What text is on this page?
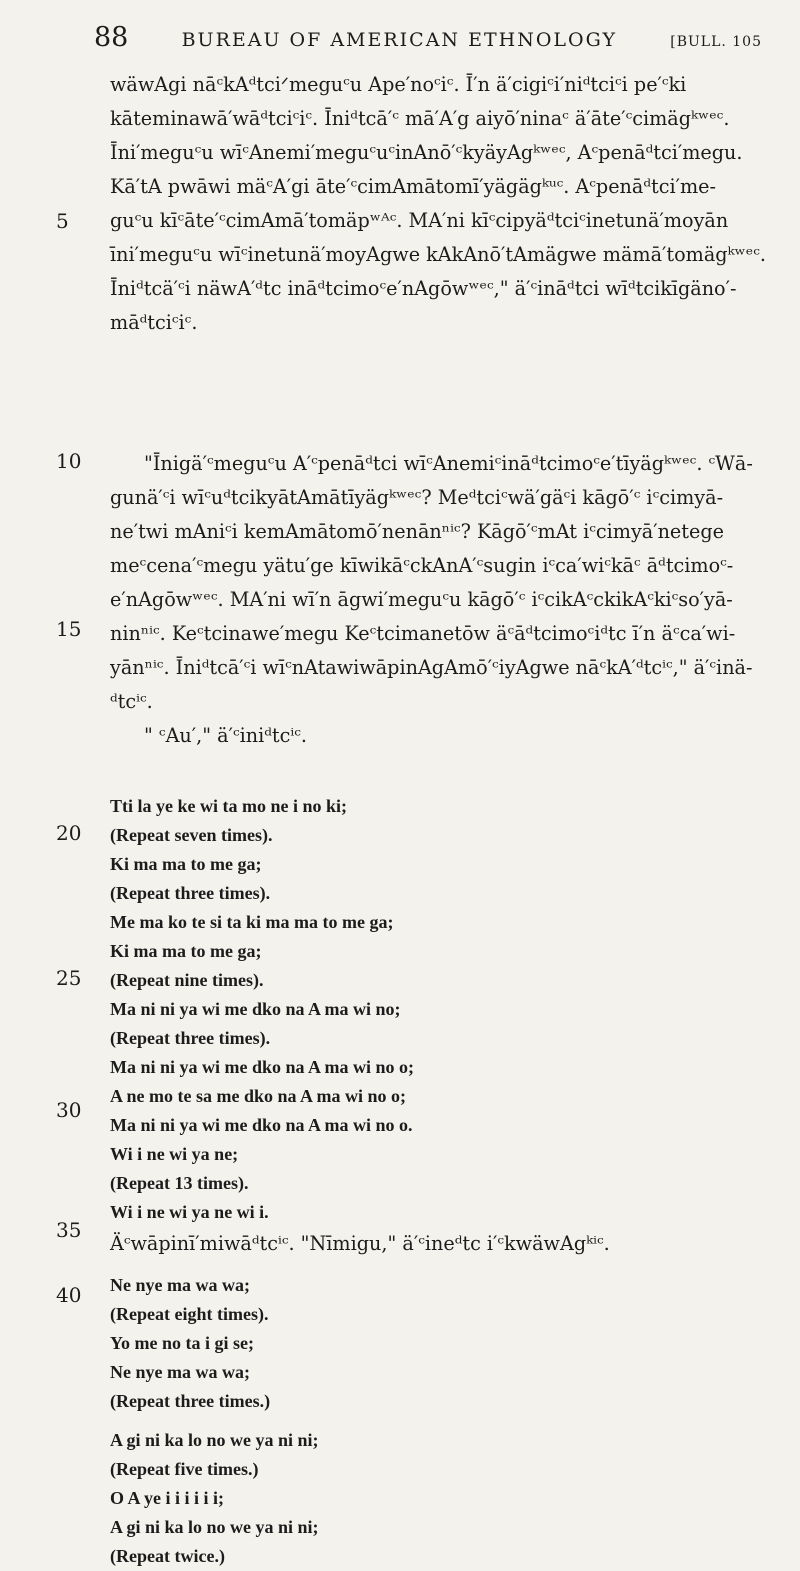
88	BUREAU OF AMERICAN ETHNOLOGY	[BULL. 105
wäwAgi nāᶜkAᵈtciᐟmeguᶜu Ape′noᶜiᶜ. Ī′n ä′cigiᶜi′niᵈtciᶜi pe′ᶜki
kāteminawā′wāᵈtciᶜiᶜ. Īniᵈtcā′ᶜ mā′A′g aiyō′ninaᶜ ä′āte′ᶜcimägᵏʷᵉᶜ.
Īni′meguᶜu wīᶜAnemi′meguᶜuᶜinAnō′ᶜkyäyAgᵏʷᵉᶜ, Aᶜpenāᵈtci′megu.
Kā′tA pwāwi mäᶜA′gi āte′ᶜcimAmātomī′yägägᵏᵘᶜ. Aᶜpenāᵈtci′me-
guᶜu kīᶜāte′ᶜcimAmā′tomäpʷᴬᶜ. MA′ni kīᶜcipyäᵈtciᶜinetunä′moyān
īni′meguᶜu wīᶜinetunä′moyAgwe kAkAnō′tAmägwe mämā′tomägᵏʷᵉᶜ.
Īniᵈtcä′ᶜi näwA′ᵈtc ināᵈtcimoᶜe′nAgōwʷᵉᶜ," ä′ᶜināᵈtci wīᵈtcikīgäno′-
māᵈtciᶜiᶜ.
"Īnigä′ᶜmeguᶜu A′ᶜpenāᵈtci wīᶜAnemiᶜināᵈtcimoᶜe′tīyägᵏʷᵉᶜ. ᶜWā-
gunä′ᶜi wīᶜuᵈtcikyātAmātīyägᵏʷᵉᶜ? Meᵈtciᶜwä′gäᶜi kāgō′ᶜ iᶜcimyā-
ne′twi mAniᶜi kemAmātomō′nenānⁿⁱᶜ? Kāgō′ᶜmAt iᶜcimyā′netege
meᶜcena′ᶜmegu yätu′ge kīwikāᶜckAnA′ᶜsugin iᶜca′wiᶜkāᶜ āᵈtcimoᶜ-
e′nAgōwʷᵉᶜ. MA′ni wī′n āgwi′meguᶜu kāgō′ᶜ iᶜcikAᶜckikAᶜkiᶜso′yā-
ninⁿⁱᶜ. Keᶜtcinawe′megu Keᶜtcimanetōw äᶜāᵈtcimoᶜiᵈtc ī′n äᶜca′wi-
yānⁿⁱᶜ. Īniᵈtcā′ᶜi wīᶜnAtawiwāpinAgAmō′ᶜiyAgwe nāᶜkA′ᵈtcⁱᶜ," ä′ᶜinä-
ᵈtcⁱᶜ.
" ᶜAu′," ä′ᶜiniᵈtcⁱᶜ.
Tti la ye ke wi ta mo ne i no ki;
(Repeat seven times).
Ki ma ma to me ga;
(Repeat three times).
Me ma ko te si ta ki ma ma to me ga;
Ki ma ma to me ga;
(Repeat nine times).
Ma ni ni ya wi me dko na A ma wi no;
(Repeat three times).
Ma ni ni ya wi me dko na A ma wi no o;
A ne mo te sa me dko na A ma wi no o;
Ma ni ni ya wi me dko na A ma wi no o.
Wi i ne wi ya ne;
(Repeat 13 times).
Wi i ne wi ya ne wi i.
Äᶜwāpinī′miwāᵈtcⁱᶜ. "Nīmigu," ä′ᶜineᵈtc i′ᶜkwäwAgᵏⁱᶜ.
Ne nye ma wa wa;
(Repeat eight times).
Yo me no ta i gi se;
Ne nye ma wa wa;
(Repeat three times.)
A gi ni ka lo no we ya ni ni;
(Repeat five times.)
O A ye i i i i i i;
A gi ni ka lo no we ya ni ni;
(Repeat twice.)
5
10
15
20
25
30
35
40
